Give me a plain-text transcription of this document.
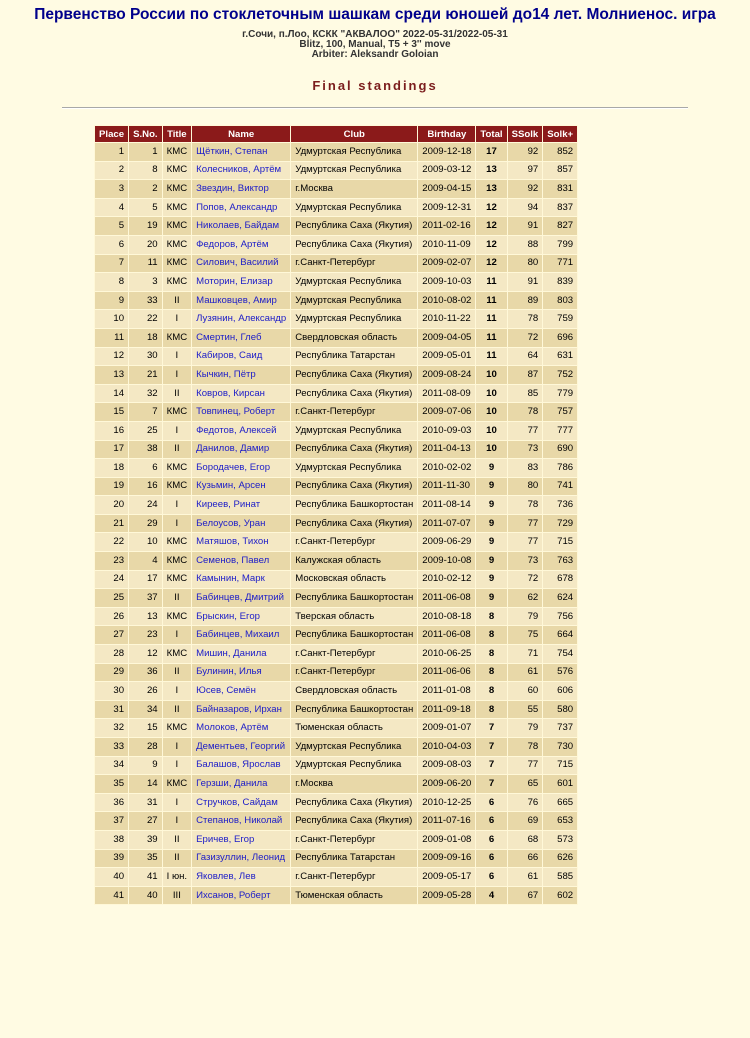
Первенство России по стоклеточным шашкам среди юношей до14 лет. Молниенос. игра
г.Сочи, п.Лоо, КСКК "АКВАЛОО" 2022-05-31/2022-05-31
Blitz, 100, Manual, T5 + 3'' move
Arbiter: Aleksandr Goloian
Final standings
Place	S.No.	Title	Name	Club	Birthday	Total	SSolk	Solk+
1	1	КМС	Щёткин, Степан	Удмуртская Республика	2009-12-18	17	92	852
2	8	КМС	Колесников, Артём	Удмуртская Республика	2009-03-12	13	97	857
3	2	КМС	Звездин, Виктор	г.Москва	2009-04-15	13	92	831
4	5	КМС	Попов, Александр	Удмуртская Республика	2009-12-31	12	94	837
5	19	КМС	Николаев, Байдам	Республика Саха (Якутия)	2011-02-16	12	91	827
6	20	КМС	Федоров, Артём	Республика Саха (Якутия)	2010-11-09	12	88	799
7	11	КМС	Силович, Василий	г.Санкт-Петербург	2009-02-07	12	80	771
8	3	КМС	Моторин, Елизар	Удмуртская Республика	2009-10-03	11	91	839
9	33	II	Машковцев, Амир	Удмуртская Республика	2010-08-02	11	89	803
10	22	I	Лузянин, Александр	Удмуртская Республика	2010-11-22	11	78	759
11	18	КМС	Смертин, Глеб	Свердловская область	2009-04-05	11	72	696
12	30	I	Кабиров, Саид	Республика Татарстан	2009-05-01	11	64	631
13	21	I	Кычкин, Пётр	Республика Саха (Якутия)	2009-08-24	10	87	752
14	32	II	Ковров, Кирсан	Республика Саха (Якутия)	2011-08-09	10	85	779
15	7	КМС	Товпинец, Роберт	г.Санкт-Петербург	2009-07-06	10	78	757
16	25	I	Федотов, Алексей	Удмуртская Республика	2010-09-03	10	77	777
17	38	II	Данилов, Дамир	Республика Саха (Якутия)	2011-04-13	10	73	690
18	6	КМС	Бородачев, Егор	Удмуртская Республика	2010-02-02	9	83	786
19	16	КМС	Кузьмин, Арсен	Республика Саха (Якутия)	2011-11-30	9	80	741
20	24	I	Киреев, Ринат	Республика Башкортостан	2011-08-14	9	78	736
21	29	I	Белоусов, Уран	Республика Саха (Якутия)	2011-07-07	9	77	729
22	10	КМС	Матяшов, Тихон	г.Санкт-Петербург	2009-06-29	9	77	715
23	4	КМС	Семенов, Павел	Калужская область	2009-10-08	9	73	763
24	17	КМС	Камынин, Марк	Московская область	2010-02-12	9	72	678
25	37	II	Бабинцев, Дмитрий	Республика Башкортостан	2011-06-08	9	62	624
26	13	КМС	Брыскин, Егор	Тверская область	2010-08-18	8	79	756
27	23	I	Бабинцев, Михаил	Республика Башкортостан	2011-06-08	8	75	664
28	12	КМС	Мишин, Данила	г.Санкт-Петербург	2010-06-25	8	71	754
29	36	II	Булинин, Илья	г.Санкт-Петербург	2011-06-06	8	61	576
30	26	I	Юсев, Семён	Свердловская область	2011-01-08	8	60	606
31	34	II	Байназаров, Ирхан	Республика Башкортостан	2011-09-18	8	55	580
32	15	КМС	Молоков, Артём	Тюменская область	2009-01-07	7	79	737
33	28	I	Дементьев, Георгий	Удмуртская Республика	2010-04-03	7	78	730
34	9	I	Балашов, Ярослав	Удмуртская Республика	2009-08-03	7	77	715
35	14	КМС	Герзши, Данила	г.Москва	2009-06-20	7	65	601
36	31	I	Стручков, Сайдам	Республика Саха (Якутия)	2010-12-25	6	76	665
37	27	I	Степанов, Николай	Республика Саха (Якутия)	2011-07-16	6	69	653
38	39	II	Еричев, Егор	г.Санкт-Петербург	2009-01-08	6	68	573
39	35	II	Газизуллин, Леонид	Республика Татарстан	2009-09-16	6	66	626
40	41	I юн.	Яковлев, Лев	г.Санкт-Петербург	2009-05-17	6	61	585
41	40	III	Ихсанов, Роберт	Тюменская область	2009-05-28	4	67	602
